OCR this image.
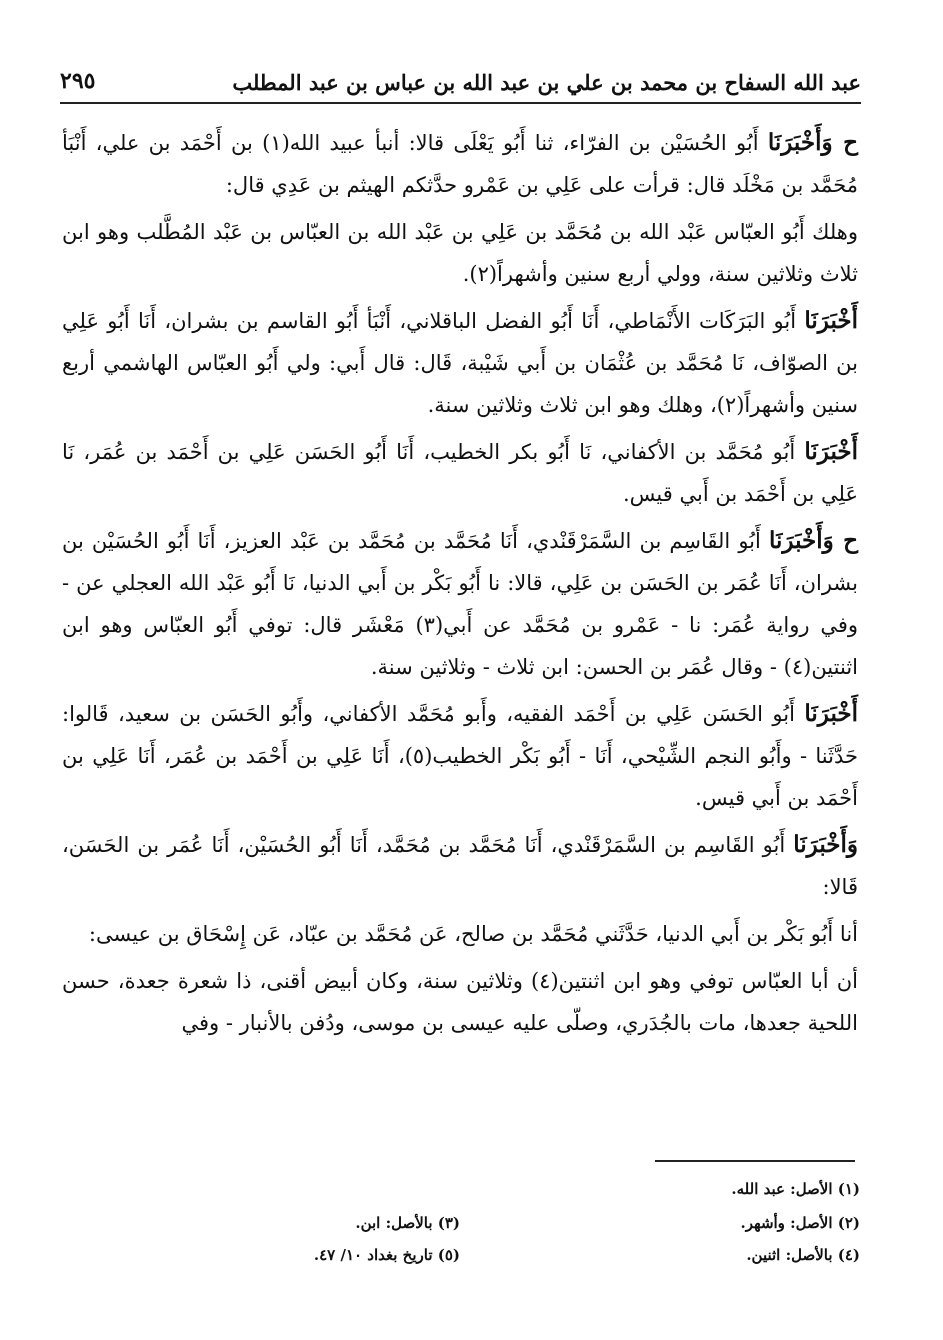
عبد الله السفاح بن محمد بن علي بن عبد الله بن عباس بن عبد المطلب
٢٩٥

ح وَأَخْبَرَنَا أَبُو الحُسَيْن بن الفرّاء، ثنا أَبُو يَعْلَى قالا: أنبأ عبيد الله(١) بن أَحْمَد بن علي، أَنْبَأ مُحَمَّد بن مَخْلَد قال: قرأت على عَلِي بن عَمْرو حدَّثكم الهيثم بن عَدِي قال:

وهلك أَبُو العبّاس عَبْد الله بن مُحَمَّد بن عَلِي بن عَبْد الله بن العبّاس بن عَبْد المُطَّلب وهو ابن ثلاث وثلاثين سنة، وولي أربع سنين وأشهراً(٢).

أَخْبَرَنَا أَبُو البَرَكَات الأَنْمَاطي، أَنَا أَبُو الفضل الباقلاني، أَنْبَأ أَبُو القاسم بن بشران، أَنَا أَبُو عَلِي بن الصوّاف، نَا مُحَمَّد بن عُثْمَان بن أَبي شَيْبة، قَال: قال أَبي: ولي أَبُو العبّاس الهاشمي أربع سنين وأشهراً(٢)، وهلك وهو ابن ثلاث وثلاثين سنة.

أَخْبَرَنَا أَبُو مُحَمَّد بن الأكفاني، نَا أَبُو بكر الخطيب، أَنَا أَبُو الحَسَن عَلِي بن أَحْمَد بن عُمَر، نَا عَلِي بن أَحْمَد بن أَبي قيس.

ح وَأَخْبَرَنَا أَبُو القَاسِم بن السَّمَرْقَنْدي، أَنَا مُحَمَّد بن مُحَمَّد بن عَبْد العزيز، أَنَا أَبُو الحُسَيْن بن بشران، أَنَا عُمَر بن الحَسَن بن عَلِي، قالا: نا أَبُو بَكْر بن أَبي الدنيا، نَا أَبُو عَبْد الله العجلي عن - وفي رواية عُمَر: نا - عَمْرو بن مُحَمَّد عن أَبي(٣) مَعْشَر قال: توفي أَبُو العبّاس وهو ابن اثنتين(٤) - وقال عُمَر بن الحسن: ابن ثلاث - وثلاثين سنة.

أَخْبَرَنَا أَبُو الحَسَن عَلِي بن أَحْمَد الفقيه، وأَبو مُحَمَّد الأكفاني، وأَبُو الحَسَن بن سعيد، قَالوا: حَدَّثَنا - وأَبُو النجم الشِّيْحي، أَنَا - أَبُو بَكْر الخطيب(٥)، أَنَا عَلِي بن أَحْمَد بن عُمَر، أَنَا عَلِي بن أَحْمَد بن أَبي قيس.

وَأَخْبَرَنَا أَبُو القَاسِم بن السَّمَرْقَنْدي، أَنَا مُحَمَّد بن مُحَمَّد، أَنَا أَبُو الحُسَيْن، أَنَا عُمَر بن الحَسَن، قَالا:

أنا أَبُو بَكْر بن أَبي الدنيا، حَدَّثَني مُحَمَّد بن صالح، عَن مُحَمَّد بن عبّاد، عَن إِسْحَاق بن عيسى:

أن أبا العبّاس توفي وهو ابن اثنتين(٤) وثلاثين سنة، وكان أبيض أقنى، ذا شعرة جعدة، حسن اللحية جعدها، مات بالجُدَري، وصلّى عليه عيسى بن موسى، ودُفن بالأنبار - وفي

(١) الأصل: عبد الله.
(٢) الأصل: وأشهر.
(٣) بالأصل: ابن.
(٤) بالأصل: اثنين.
(٥) تاريخ بغداد ١٠/ ٤٧.
